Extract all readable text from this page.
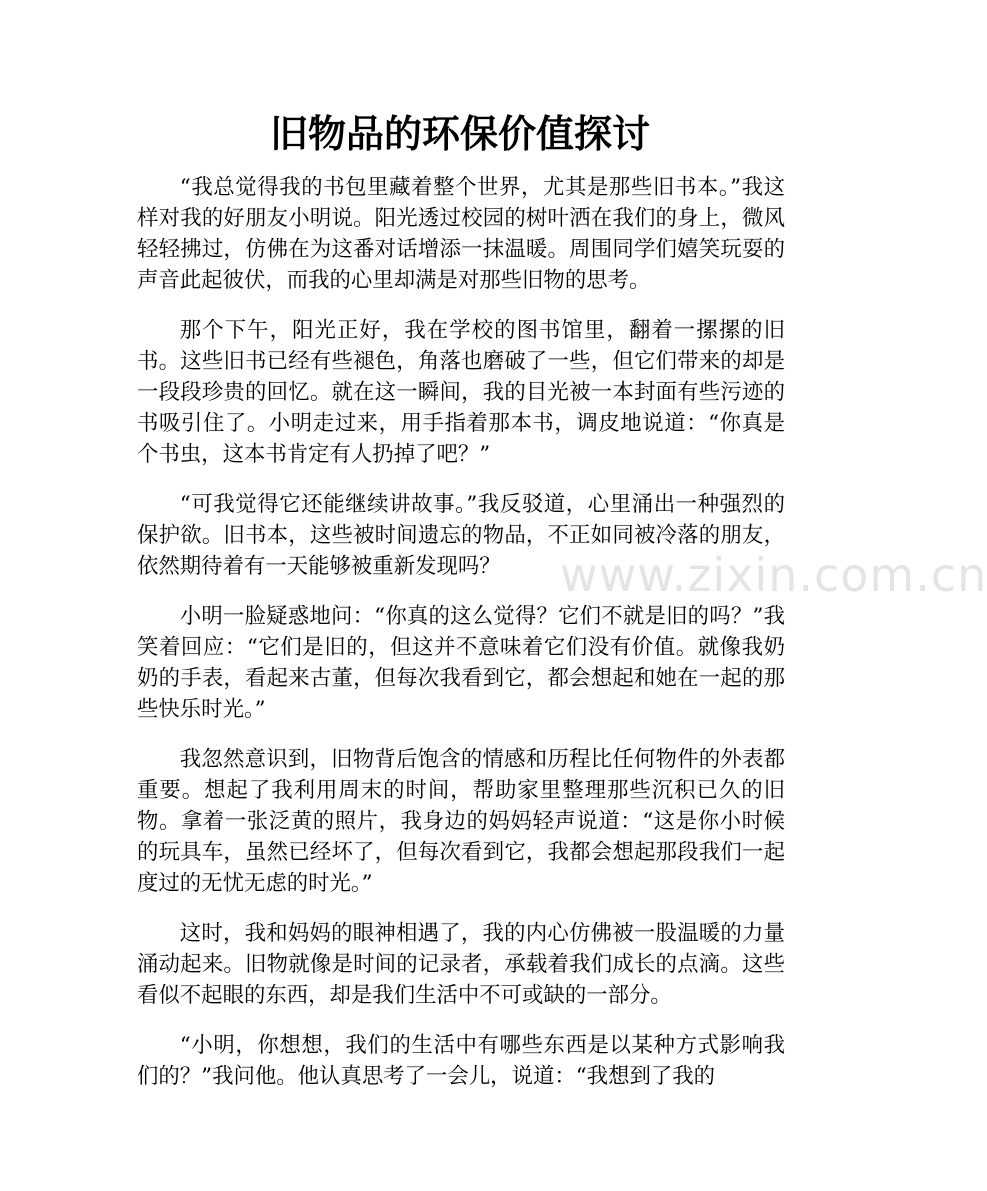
旧物品的环保价值探讨

“我总觉得我的书包里藏着整个世界，尤其是那些旧书本。”我这样对我的好朋友小明说。阳光透过校园的树叶洒在我们的身上，微风轻轻拂过，仿佛在为这番对话增添一抹温暖。周围同学们嬉笑玩耍的声音此起彼伏，而我的心里却满是对那些旧物的思考。

那个下午，阳光正好，我在学校的图书馆里，翻着一摞摞的旧书。这些旧书已经有些褪色，角落也磨破了一些，但它们带来的却是一段段珍贵的回忆。就在这一瞬间，我的目光被一本封面有些污迹的书吸引住了。小明走过来，用手指着那本书，调皮地说道：“你真是个书虫，这本书肯定有人扔掉了吧？”

“可我觉得它还能继续讲故事。”我反驳道，心里涌出一种强烈的保护欲。旧书本，这些被时间遗忘的物品，不正如同被冷落的朋友，依然期待着有一天能够被重新发现吗？

小明一脸疑惑地问：“你真的这么觉得？它们不就是旧的吗？”我笑着回应：“它们是旧的，但这并不意味着它们没有价值。就像我奶奶的手表，看起来古董，但每次我看到它，都会想起和她在一起的那些快乐时光。”

我忽然意识到，旧物背后饱含的情感和历程比任何物件的外表都重要。想起了我利用周末的时间，帮助家里整理那些沉积已久的旧物。拿着一张泛黄的照片，我身边的妈妈轻声说道：“这是你小时候的玩具车，虽然已经坏了，但每次看到它，我都会想起那段我们一起度过的无忧无虑的时光。”

这时，我和妈妈的眼神相遇了，我的内心仿佛被一股温暖的力量涌动起来。旧物就像是时间的记录者，承载着我们成长的点滴。这些看似不起眼的东西，却是我们生活中不可或缺的一部分。

“小明，你想想，我们的生活中有哪些东西是以某种方式影响我们的？”我问他。他认真思考了一会儿，说道：“我想到了我的

www.zixin.com.cn
